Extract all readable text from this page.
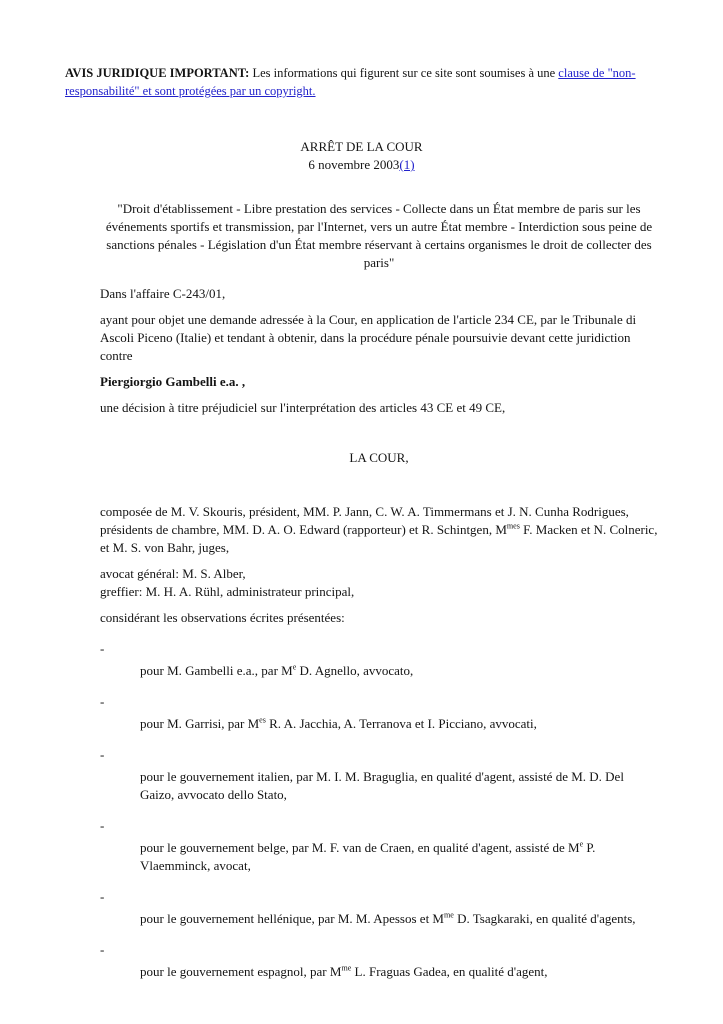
AVIS JURIDIQUE IMPORTANT: Les informations qui figurent sur ce site sont soumises à une clause de "non-responsabilité" et sont protégées par un copyright.

ARRÊT DE LA COUR
6 novembre 2003(1)

"Droit d'établissement - Libre prestation des services - Collecte dans un État membre de paris sur les événements sportifs et transmission, par l'Internet, vers un autre État membre - Interdiction sous peine de sanctions pénales - Législation d'un État membre réservant à certains organismes le droit de collecter des paris"

Dans l'affaire C-243/01,

ayant pour objet une demande adressée à la Cour, en application de l'article 234 CE, par le Tribunale di Ascoli Piceno (Italie) et tendant à obtenir, dans la procédure pénale poursuivie devant cette juridiction contre

Piergiorgio Gambelli e.a. ,

une décision à titre préjudiciel sur l'interprétation des articles 43 CE et 49 CE,

LA COUR,

composée de M. V. Skouris, président, MM. P. Jann, C. W. A. Timmermans et J. N. Cunha Rodrigues, présidents de chambre, MM. D. A. O. Edward (rapporteur) et R. Schintgen, $M^{mes}$ F. Macken et N. Colneric, et M. S. von Bahr, juges,

avocat général: M. S. Alber,
greffier: M. H. A. Rühl, administrateur principal,

considérant les observations écrites présentées:

-
pour M. Gambelli e.a., par Me D. Agnello, avvocato,
-
pour M. Garrisi, par $M^{es}$ R. A. Jacchia, A. Terranova et I. Picciano, avvocati,
-
pour le gouvernement italien, par M. I. M. Braguglia, en qualité d'agent, assisté de M. D. Del Gaizo, avvocato dello Stato,
-
pour le gouvernement belge, par M. F. van de Craen, en qualité d'agent, assisté de Me P. Vlaemminck, avocat,
-
pour le gouvernement hellénique, par M. M. Apessos et $M^{me}$ D. Tsagkaraki, en qualité d'agents,
-
pour le gouvernement espagnol, par $M^{me}$ L. Fraguas Gadea, en qualité d'agent,
